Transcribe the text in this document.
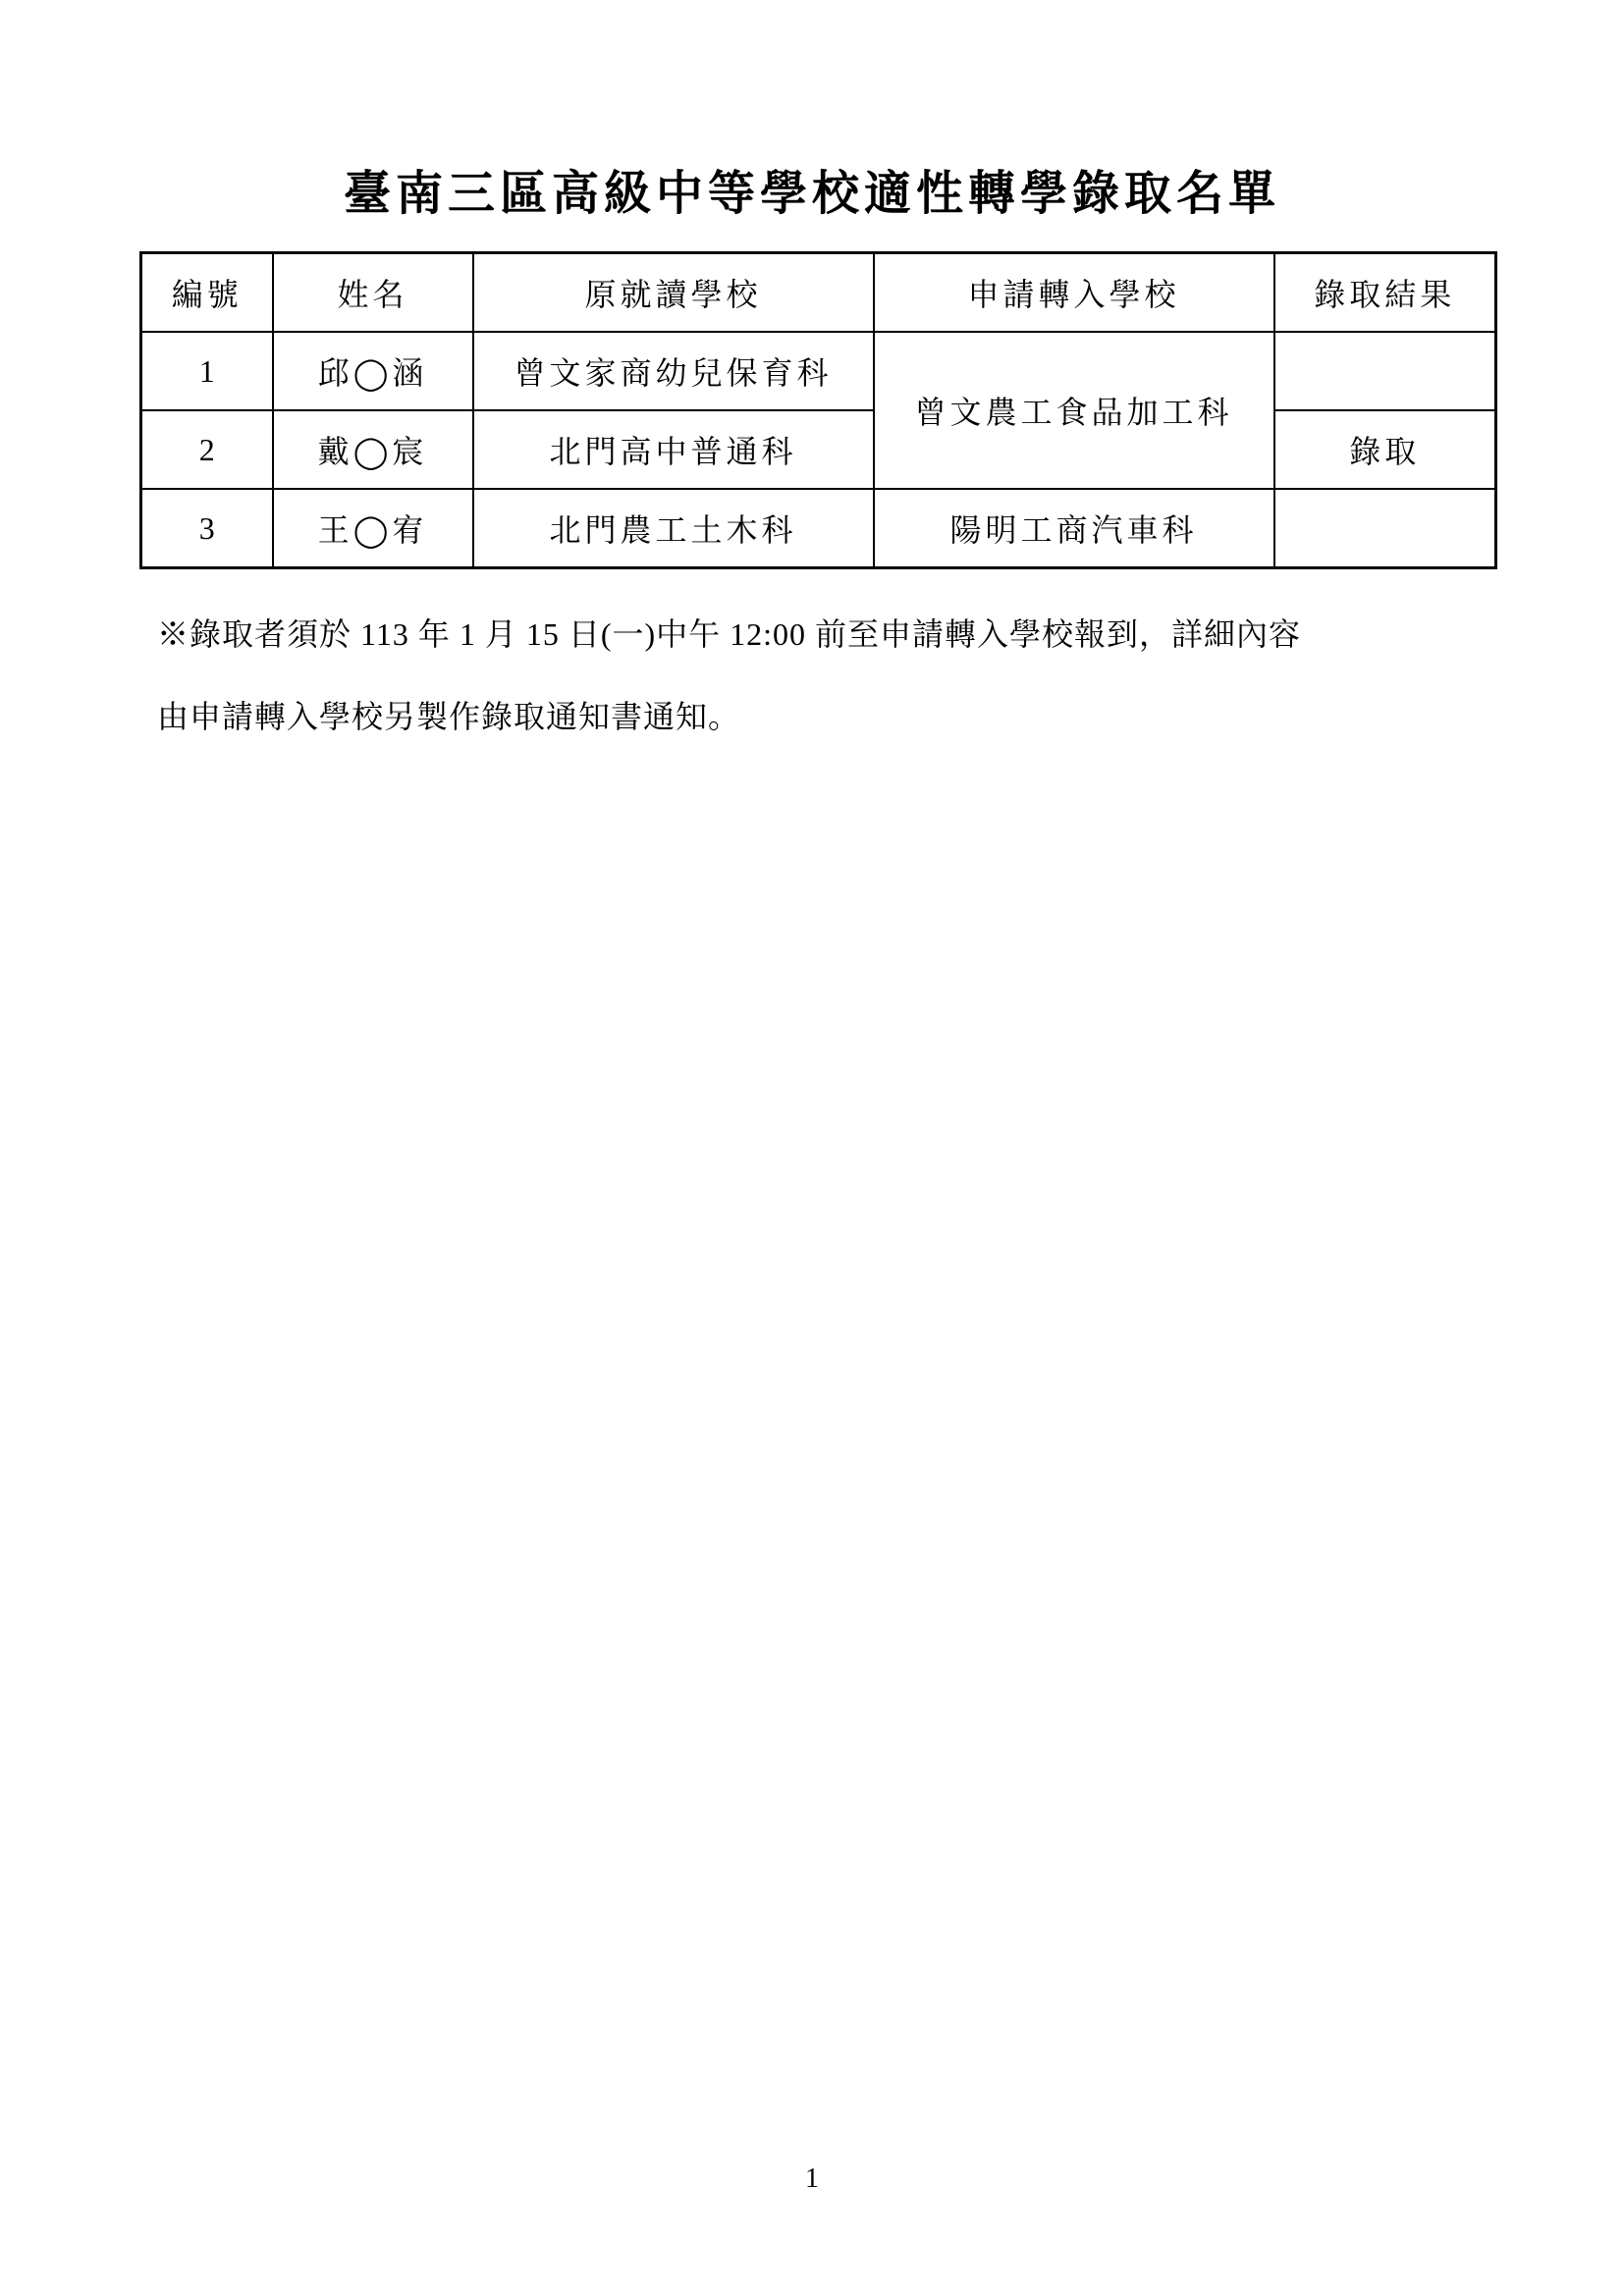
臺南三區高級中等學校適性轉學錄取名單
編號	姓名	原就讀學校	申請轉入學校	錄取結果
1	邱◯涵	曾文家商幼兒保育科	曾文農工食品加工科	
2	戴◯宸	北門高中普通科		錄取
3	王◯宥	北門農工土木科	陽明工商汽車科	
※錄取者須於 113 年 1 月 15 日(一)中午 12:00 前至申請轉入學校報到，詳細內容
由申請轉入學校另製作錄取通知書通知。
1
